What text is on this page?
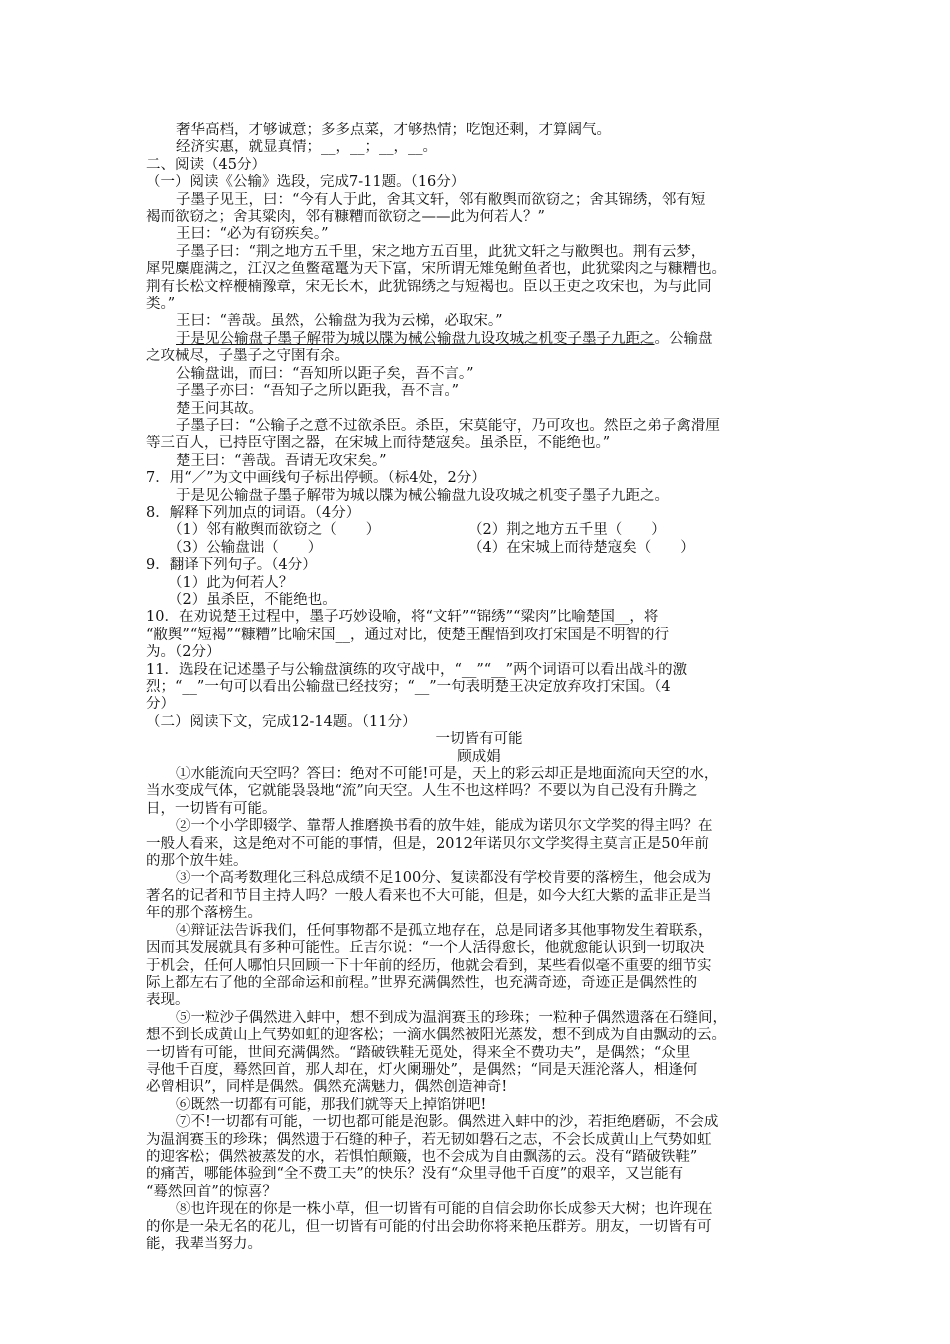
奢华高档，才够诚意；多多点菜，才够热情；吃饱还剩，才算阔气。

经济实惠，就显真情；__，__；__，__。

二、阅读（45分）

（一）阅读《公输》选段，完成7-11题。（16分）

子墨子见王，曰：“今有人于此，舍其文轩，邻有敝舆而欲窃之；舍其锦绣，邻有短

褐而欲窃之；舍其粱肉，邻有糠糟而欲窃之——此为何若人？”

王曰：“必为有窃疾矣。”

子墨子曰：“荆之地方五千里，宋之地方五百里，此犹文轩之与敝舆也。荆有云梦，

犀兕麋鹿满之，江汉之鱼鳖鼋鼍为天下富，宋所谓无雉兔鲋鱼者也，此犹粱肉之与糠糟也。

荆有长松文梓楩楠豫章，宋无长木，此犹锦绣之与短褐也。臣以王吏之攻宋也，为与此同

类。”

王曰：“善哉。虽然，公输盘为我为云梯，必取宋。”

于是见公输盘子墨子解带为城以牒为械公输盘九设攻城之机变子墨子九距之。公输盘

之攻械尽，子墨子之守圉有余。

公输盘诎，而曰：“吾知所以距子矣，吾不言。”

子墨子亦曰：“吾知子之所以距我，吾不言。”

楚王问其故。

子墨子曰：“公输子之意不过欲杀臣。杀臣，宋莫能守，乃可攻也。然臣之弟子禽滑厘

等三百人，已持臣守圉之器，在宋城上而待楚寇矣。虽杀臣，不能绝也。”

楚王曰：“善哉。吾请无攻宋矣。”

7．用“／”为文中画线句子标出停顿。（标4处，2分）

于是见公输盘子墨子解带为城以牒为械公输盘九设攻城之机变子墨子九距之。

8．解释下列加点的词语。（4分）

（1）邻有敝舆而欲窃之（　　）	（2）荆之地方五千里（　　）
（3）公输盘诎（　　）	（4）在宋城上而待楚寇矣（　　）

9．翻译下列句子。（4分）

（1）此为何若人？

（2）虽杀臣，不能绝也。

10．在劝说楚王过程中，墨子巧妙设喻，将“文轩”“锦绣”“粱肉”比喻楚国__，将

“敝舆”“短褐”“糠糟”比喻宋国__，通过对比，使楚王醒悟到攻打宋国是不明智的行

为。（2分）

11．选段在记述墨子与公输盘演练的攻守战中，“__”“__”两个词语可以看出战斗的激

烈；“__”一句可以看出公输盘已经技穷；“__”一句表明楚王决定放弃攻打宋国。（4

分）

（二）阅读下文，完成12-14题。（11分）

一切皆有可能

顾成娟

①水能流向天空吗？答曰：绝对不可能!可是，天上的彩云却正是地面流向天空的水，

当水变成气体，它就能袅袅地“流”向天空。人生不也这样吗？不要以为自己没有升腾之

日，一切皆有可能。

②一个小学即辍学、靠帮人推磨换书看的放牛娃，能成为诺贝尔文学奖的得主吗？在

一般人看来，这是绝对不可能的事情，但是，2012年诺贝尔文学奖得主莫言正是50年前

的那个放牛娃。

③一个高考数理化三科总成绩不足100分、复读都没有学校肯要的落榜生，他会成为

著名的记者和节目主持人吗？一般人看来也不大可能，但是，如今大红大紫的孟非正是当

年的那个落榜生。

④辩证法告诉我们，任何事物都不是孤立地存在，总是同诸多其他事物发生着联系，

因而其发展就具有多种可能性。丘吉尔说：“一个人活得愈长，他就愈能认识到一切取决

于机会，任何人哪怕只回顾一下十年前的经历，他就会看到，某些看似毫不重要的细节实

际上都左右了他的全部命运和前程。”世界充满偶然性，也充满奇迹，奇迹正是偶然性的

表现。

⑤一粒沙子偶然进入蚌中，想不到成为温润赛玉的珍珠；一粒种子偶然遗落在石缝间，

想不到长成黄山上气势如虹的迎客松；一滴水偶然被阳光蒸发，想不到成为自由飘动的云。

一切皆有可能，世间充满偶然。“踏破铁鞋无觅处，得来全不费功夫”，是偶然；“众里

寻他千百度，蓦然回首，那人却在，灯火阑珊处”，是偶然；“同是天涯沦落人，相逢何

必曾相识”，同样是偶然。偶然充满魅力，偶然创造神奇!

⑥既然一切都有可能，那我们就等天上掉馅饼吧!

⑦不!一切都有可能，一切也都可能是泡影。偶然进入蚌中的沙，若拒绝磨砺，不会成

为温润赛玉的珍珠；偶然遗于石缝的种子，若无韧如磐石之志，不会长成黄山上气势如虹

的迎客松；偶然被蒸发的水，若惧怕颠簸，也不会成为自由飘荡的云。没有“踏破铁鞋”

的痛苦，哪能体验到“全不费工夫”的快乐？没有“众里寻他千百度”的艰辛，又岂能有

“蓦然回首”的惊喜？

⑧也许现在的你是一株小草，但一切皆有可能的自信会助你长成参天大树；也许现在

的你是一朵无名的花儿，但一切皆有可能的付出会助你将来艳压群芳。朋友，一切皆有可

能，我辈当努力。
